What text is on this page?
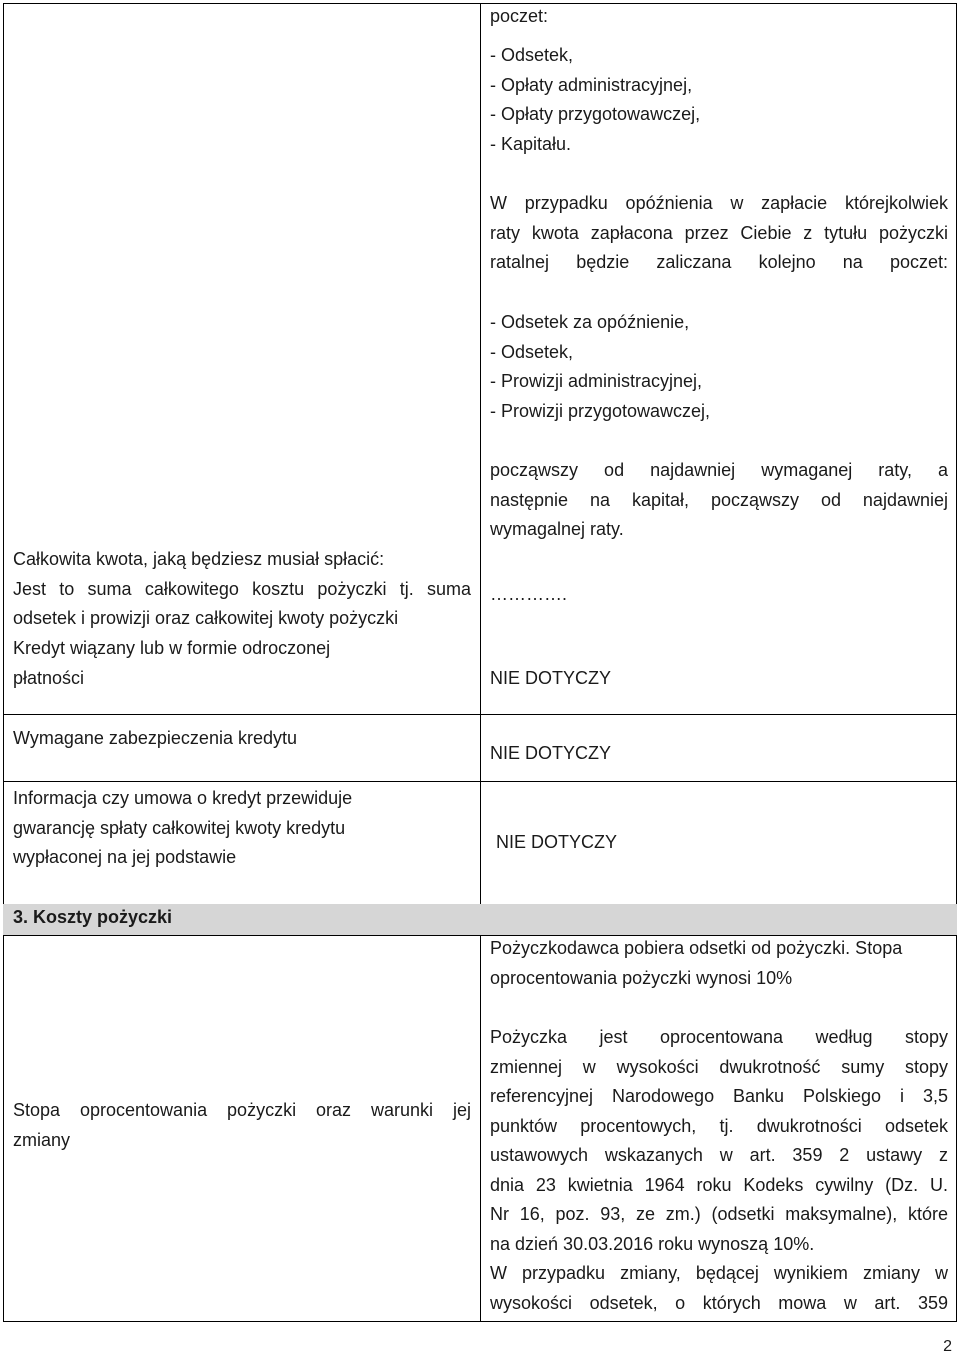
poczet:
- Odsetek,
- Opłaty administracyjnej,
- Opłaty przygotowawczej,
- Kapitału.
W przypadku opóźnienia w zapłacie którejkolwiek
raty kwota zapłacona przez Ciebie z tytułu pożyczki
ratalnej będzie zaliczana kolejno na poczet:
- Odsetek za opóźnienie,
- Odsetek,
- Prowizji administracyjnej,
- Prowizji przygotowawczej,
począwszy od najdawniej wymaganej raty, a
następnie na kapitał, począwszy od najdawniej
wymagalnej raty.
Całkowita kwota, jaką będziesz musiał spłacić:
Jest to suma całkowitego kosztu pożyczki tj. suma
odsetek i prowizji oraz całkowitej kwoty pożyczki
………….
Kredyt wiązany lub w formie odroczonej
płatności	NIE DOTYCZY
Wymagane zabezpieczenia kredytu
NIE DOTYCZY
Informacja czy umowa o kredyt przewiduje
gwarancję spłaty całkowitej kwoty kredytu
wypłaconej na jej podstawie
NIE DOTYCZY
3. Koszty pożyczki
Pożyczkodawca pobiera odsetki od pożyczki. Stopa
oprocentowania pożyczki wynosi 10%
Stopa oprocentowania pożyczki oraz warunki jej
zmiany
Pożyczka jest oprocentowana według stopy
zmiennej w wysokości dwukrotność sumy stopy
referencyjnej Narodowego Banku Polskiego i 3,5
punktów procentowych, tj. dwukrotności odsetek
ustawowych wskazanych w art. 359 2 ustawy z
dnia 23 kwietnia 1964 roku Kodeks cywilny (Dz. U.
Nr 16, poz. 93, ze zm.) (odsetki maksymalne), które
na dzień 30.03.2016 roku wynoszą 10%.
W przypadku zmiany, będącej wynikiem zmiany w
wysokości odsetek, o których mowa w art. 359
2
